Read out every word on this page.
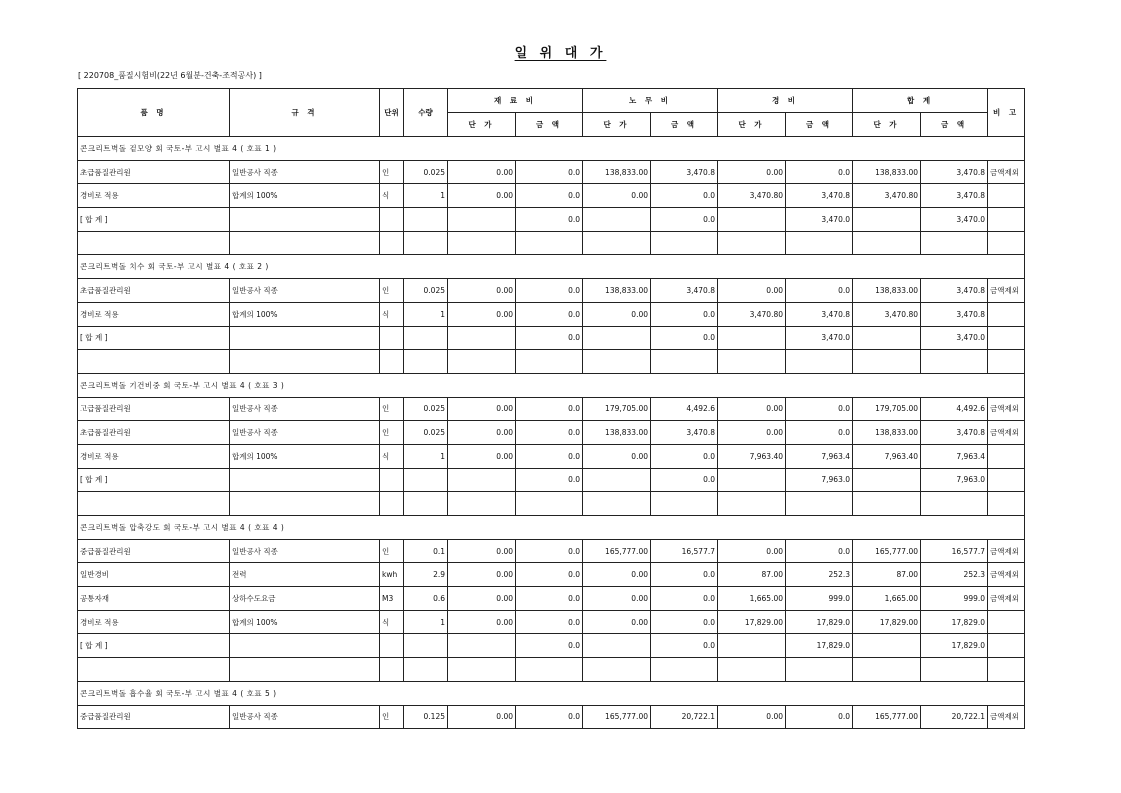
일 위 대 가
[ 220708_품질시험비(22년 6월분-건축-조적공사) ]
품 명	규 격	단위	수량	재 료 비		노 무 비		경 비		합 계		비 고
				단 가	금 액	단 가	금 액	단 가	금 액	단 가	금 액	
콘크리트벽돌 겉모양 회 국토-부 고시 별표 4 ( 호표 1 )												
초급품질관리원	일반공사 직종	인	0.025	0.00	0.0	138,833.00	3,470.8	0.00	0.0	138,833.00	3,470.8	금액제외
경비로 적용	합계의 100%	식	1	0.00	0.0	0.00	0.0	3,470.80	3,470.8	3,470.80	3,470.8	
[ 합 계 ]					0.0		0.0		3,470.0		3,470.0	

콘크리트벽돌 치수 회 국토-부 고시 별표 4 ( 호표 2 )												
초급품질관리원	일반공사 직종	인	0.025	0.00	0.0	138,833.00	3,470.8	0.00	0.0	138,833.00	3,470.8	금액제외
경비로 적용	합계의 100%	식	1	0.00	0.0	0.00	0.0	3,470.80	3,470.8	3,470.80	3,470.8	
[ 합 계 ]					0.0		0.0		3,470.0		3,470.0	

콘크리트벽돌 기건비중 회 국토-부 고시 별표 4 ( 호표 3 )												
고급품질관리원	일반공사 직종	인	0.025	0.00	0.0	179,705.00	4,492.6	0.00	0.0	179,705.00	4,492.6	금액제외
초급품질관리원	일반공사 직종	인	0.025	0.00	0.0	138,833.00	3,470.8	0.00	0.0	138,833.00	3,470.8	금액제외
경비로 적용	합계의 100%	식	1	0.00	0.0	0.00	0.0	7,963.40	7,963.4	7,963.40	7,963.4	
[ 합 계 ]					0.0		0.0		7,963.0		7,963.0	

콘크리트벽돌 압축강도 회 국토-부 고시 별표 4 ( 호표 4 )												
중급품질관리원	일반공사 직종	인	0.1	0.00	0.0	165,777.00	16,577.7	0.00	0.0	165,777.00	16,577.7	금액제외
일반경비	전력	kwh	2.9	0.00	0.0	0.00	0.0	87.00	252.3	87.00	252.3	금액제외
공통자재	상하수도요금	M3	0.6	0.00	0.0	0.00	0.0	1,665.00	999.0	1,665.00	999.0	금액제외
경비로 적용	합계의 100%	식	1	0.00	0.0	0.00	0.0	17,829.00	17,829.0	17,829.00	17,829.0	
[ 합 계 ]					0.0		0.0		17,829.0		17,829.0	

콘크리트벽돌 흡수율 회 국토-부 고시 별표 4 ( 호표 5 )												
중급품질관리원	일반공사 직종	인	0.125	0.00	0.0	165,777.00	20,722.1	0.00	0.0	165,777.00	20,722.1	금액제외
